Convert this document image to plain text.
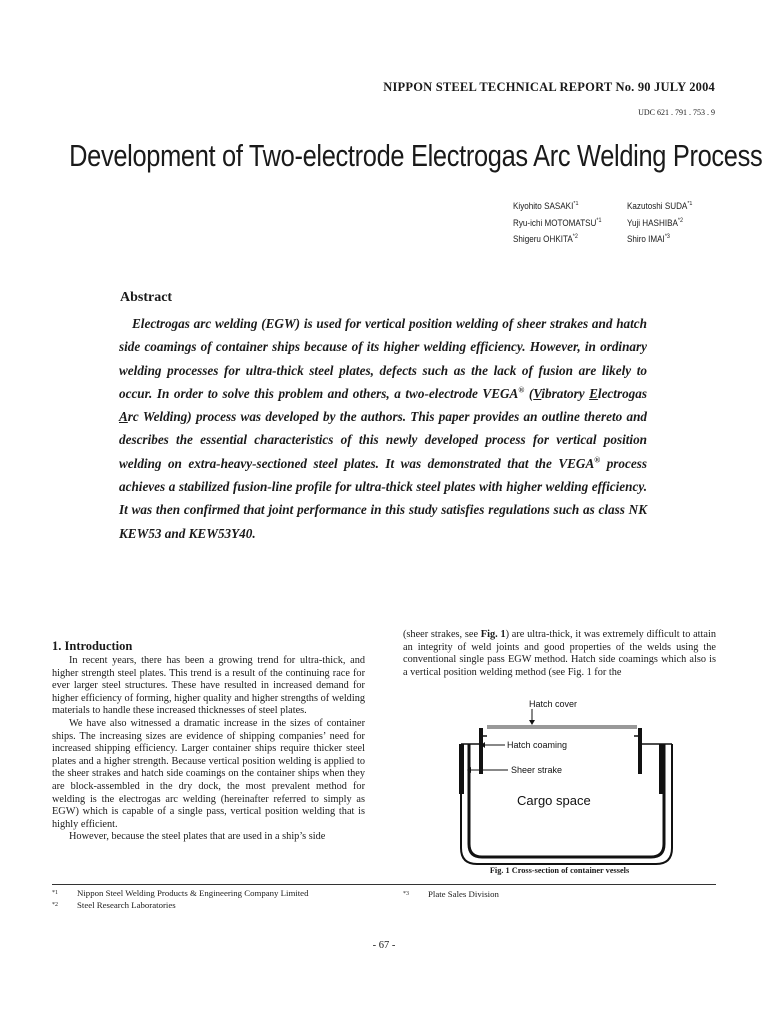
NIPPON STEEL TECHNICAL REPORT No. 90 JULY 2004
UDC 621 . 791 . 753 . 9
Development of Two-electrode Electrogas Arc Welding Process
Kiyohito SASAKI$^{*1}$
Ryu-ichi MOTOMATSU$^{*1}$
Shigeru OHKITA$^{*2}$
Kazutoshi SUDA$^{*1}$
Yuji HASHIBA$^{*2}$
Shiro IMAI$^{*3}$
Abstract

Electrogas arc welding (EGW) is used for vertical position welding of sheer strakes and hatch side coamings of container ships because of its higher welding efficiency. However, in ordinary welding processes for ultra-thick steel plates, defects such as the lack of fusion are likely to occur. In order to solve this problem and others, a two-electrode VEGA® (Vibratory Electrogas Arc Welding) process was developed by the authors. This paper provides an outline thereto and describes the essential characteristics of this newly developed process for vertical position welding on extra-heavy-sectioned steel plates. It was demonstrated that the VEGA® process achieves a stabilized fusion-line profile for ultra-thick steel plates with higher welding efficiency. It was then confirmed that joint performance in this study satisfies regulations such as class NK KEW53 and KEW53Y40.

1. Introduction

In recent years, there has been a growing trend for ultra-thick, and higher strength steel plates. This trend is a result of the continuing race for ever larger steel structures. These have resulted in increased demand for higher efficiency of forming, higher quality and higher strengths of welding materials to handle these increased thicknesses of steel plates.

We have also witnessed a dramatic increase in the sizes of container ships. The increasing sizes are evidence of shipping companies’ need for increased shipping efficiency. Larger container ships require thicker steel plates and a higher strength. Because vertical position welding is applied to the sheer strakes and hatch side coamings on the container ships when they are block-assembled in the dry dock, the most prevalent method for welding is the electrogas arc welding (hereinafter referred to simply as EGW) which is capable of a single pass, vertical position welding that is highly efficient.

However, because the steel plates that are used in a ship’s side

(sheer strakes, see Fig. 1) are ultra-thick, it was extremely difficult to attain an integrity of weld joints and good properties of the welds using the conventional single pass EGW method. Hatch side coamings which also is a vertical position welding method (see Fig. 1 for the

Hatch cover
Hatch coaming
Sheer strake
Cargo space
Fig. 1 Cross-section of container vessels
*1 Nippon Steel Welding Products & Engineering Company Limited
*2 Steel Research Laboratories
*3 Plate Sales Division
- 67 -
